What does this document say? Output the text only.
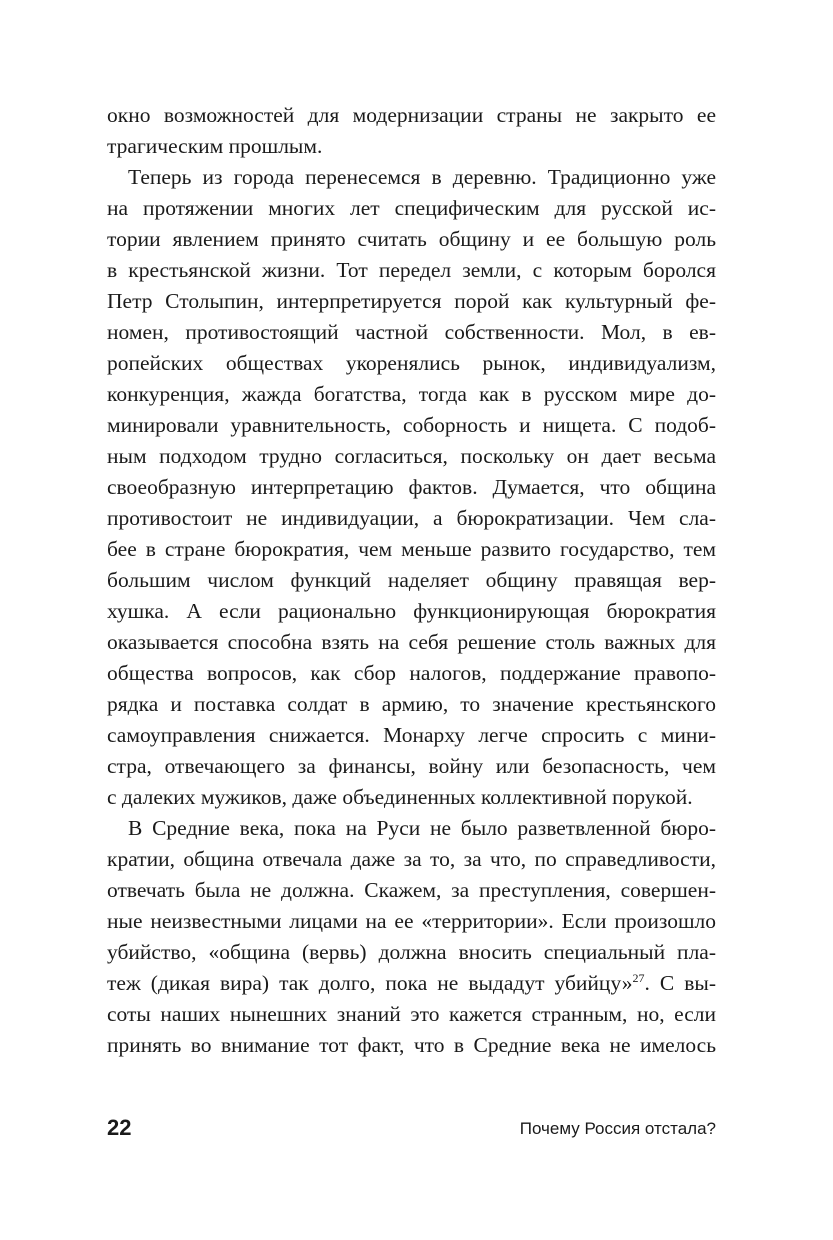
окно возможностей для модернизации страны не закрыто ее
трагическим прошлым.
Теперь из города перенесемся в деревню. Традиционно уже
на протяжении многих лет специфическим для русской ис-
тории явлением принято считать общину и ее большую роль
в крестьянской жизни. Тот передел земли, с которым боролся
Петр Столыпин, интерпретируется порой как культурный фе-
номен, противостоящий частной собственности. Мол, в ев-
ропейских обществах укоренялись рынок, индивидуализм,
конкуренция, жажда богатства, тогда как в русском мире до-
минировали уравнительность, соборность и нищета. С подоб-
ным подходом трудно согласиться, поскольку он дает весьма
своеобразную интерпретацию фактов. Думается, что община
противостоит не индивидуации, а бюрократизации. Чем сла-
бее в стране бюрократия, чем меньше развито государство, тем
большим числом функций наделяет общину правящая вер-
хушка. А если рационально функционирующая бюрократия
оказывается способна взять на себя решение столь важных для
общества вопросов, как сбор налогов, поддержание правопо-
рядка и поставка солдат в армию, то значение крестьянского
самоуправления снижается. Монарху легче спросить с мини-
стра, отвечающего за финансы, войну или безопасность, чем
с далеких мужиков, даже объединенных коллективной порукой.
В Средние века, пока на Руси не было разветвленной бюро-
кратии, община отвечала даже за то, за что, по справедливости,
отвечать была не должна. Скажем, за преступления, совершен-
ные неизвестными лицами на ее «территории». Если произошло
убийство, «община (вервь) должна вносить специальный пла-
теж (дикая вира) так долго, пока не выдадут убийцу»$^{27}$. С вы-
соты наших нынешних знаний это кажется странным, но, если
принять во внимание тот факт, что в Средние века не имелось
22	Почему Россия отстала?
